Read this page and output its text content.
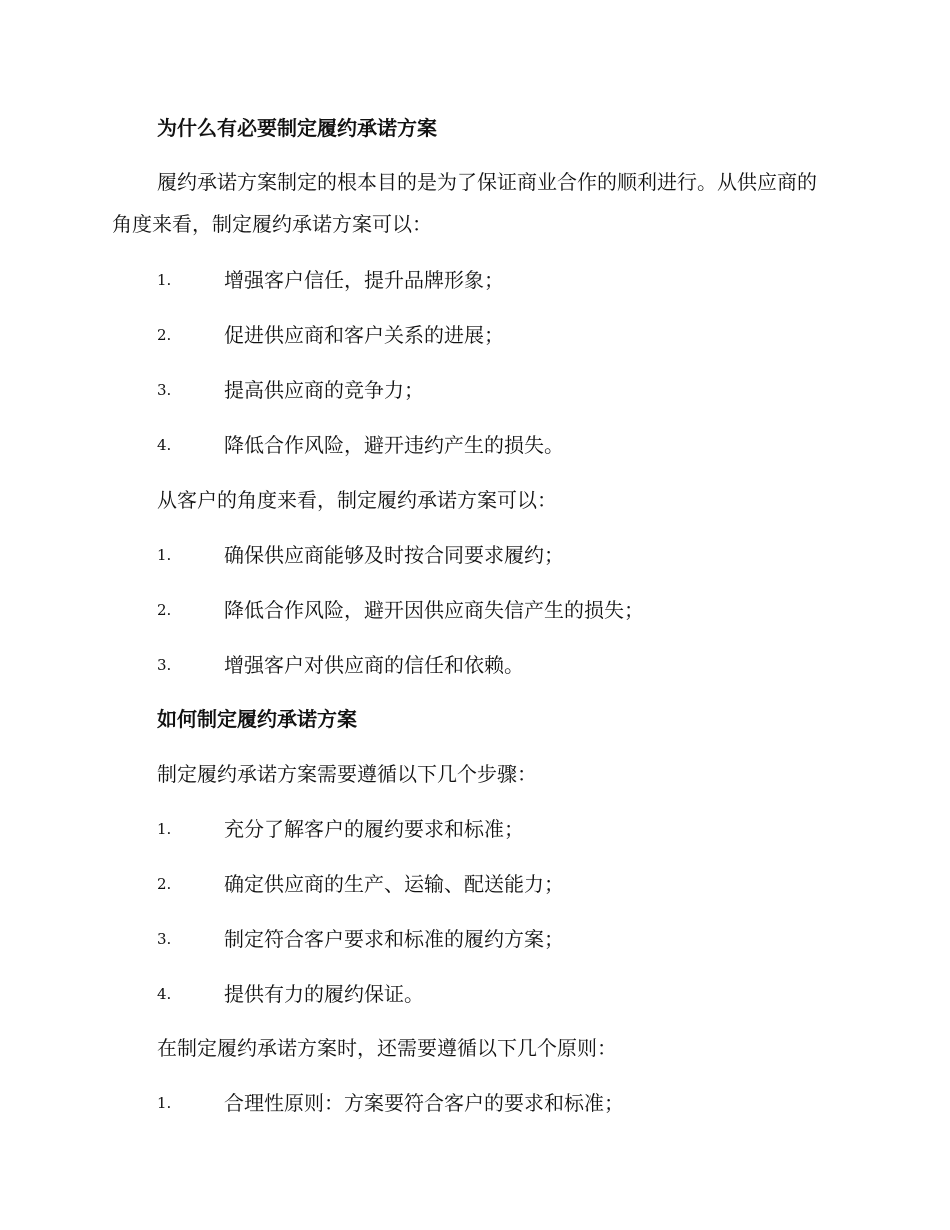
为什么有必要制定履约承诺方案
履约承诺方案制定的根本目的是为了保证商业合作的顺利进行。从供应商的角度来看，制定履约承诺方案可以：
1.	增强客户信任，提升品牌形象；
2.	促进供应商和客户关系的进展；
3.	提高供应商的竞争力；
4.	降低合作风险，避开违约产生的损失。
从客户的角度来看，制定履约承诺方案可以：
1.	确保供应商能够及时按合同要求履约；
2.	降低合作风险，避开因供应商失信产生的损失；
3.	增强客户对供应商的信任和依赖。
如何制定履约承诺方案
制定履约承诺方案需要遵循以下几个步骤：
1.	充分了解客户的履约要求和标准；
2.	确定供应商的生产、运输、配送能力；
3.	制定符合客户要求和标准的履约方案；
4.	提供有力的履约保证。
在制定履约承诺方案时，还需要遵循以下几个原则：
1.	合理性原则：方案要符合客户的要求和标准；
